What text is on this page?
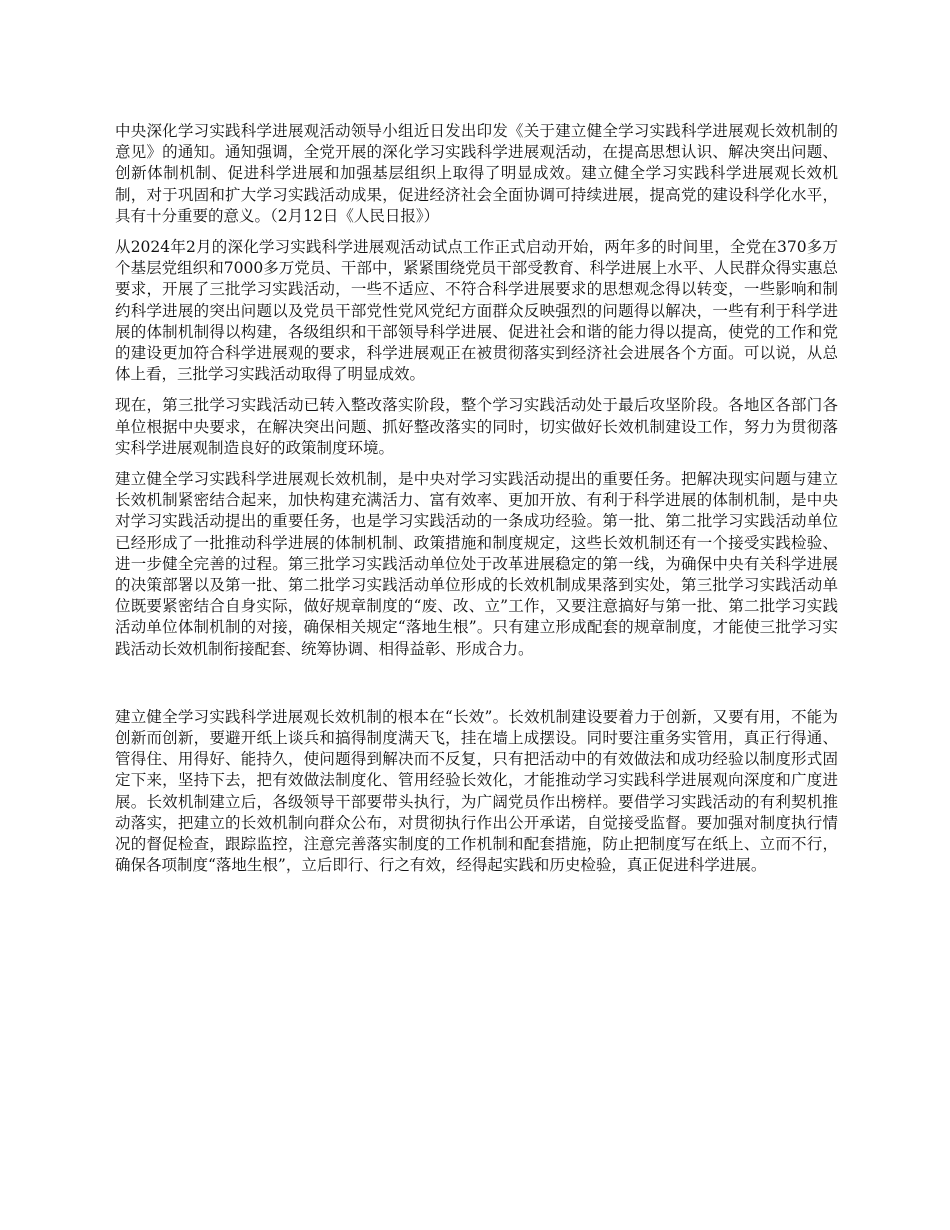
中央深化学习实践科学进展观活动领导小组近日发出印发《关于建立健全学习实践科学进展观长效机制的意见》的通知。通知强调，全党开展的深化学习实践科学进展观活动，在提高思想认识、解决突出问题、创新体制机制、促进科学进展和加强基层组织上取得了明显成效。建立健全学习实践科学进展观长效机制，对于巩固和扩大学习实践活动成果，促进经济社会全面协调可持续进展，提高党的建设科学化水平，具有十分重要的意义。（2月12日《人民日报》）

从2024年2月的深化学习实践科学进展观活动试点工作正式启动开始，两年多的时间里，全党在370多万个基层党组织和7000多万党员、干部中，紧紧围绕党员干部受教育、科学进展上水平、人民群众得实惠总要求，开展了三批学习实践活动，一些不适应、不符合科学进展要求的思想观念得以转变，一些影响和制约科学进展的突出问题以及党员干部党性党风党纪方面群众反映强烈的问题得以解决，一些有利于科学进展的体制机制得以构建，各级组织和干部领导科学进展、促进社会和谐的能力得以提高，使党的工作和党的建设更加符合科学进展观的要求，科学进展观正在被贯彻落实到经济社会进展各个方面。可以说，从总体上看，三批学习实践活动取得了明显成效。

现在，第三批学习实践活动已转入整改落实阶段，整个学习实践活动处于最后攻坚阶段。各地区各部门各单位根据中央要求，在解决突出问题、抓好整改落实的同时，切实做好长效机制建设工作，努力为贯彻落实科学进展观制造良好的政策制度环境。

建立健全学习实践科学进展观长效机制，是中央对学习实践活动提出的重要任务。把解决现实问题与建立长效机制紧密结合起来，加快构建充满活力、富有效率、更加开放、有利于科学进展的体制机制，是中央对学习实践活动提出的重要任务，也是学习实践活动的一条成功经验。第一批、第二批学习实践活动单位已经形成了一批推动科学进展的体制机制、政策措施和制度规定，这些长效机制还有一个接受实践检验、进一步健全完善的过程。第三批学习实践活动单位处于改革进展稳定的第一线，为确保中央有关科学进展的决策部署以及第一批、第二批学习实践活动单位形成的长效机制成果落到实处，第三批学习实践活动单位既要紧密结合自身实际，做好规章制度的“废、改、立”工作，又要注意搞好与第一批、第二批学习实践活动单位体制机制的对接，确保相关规定“落地生根”。只有建立形成配套的规章制度，才能使三批学习实践活动长效机制衔接配套、统筹协调、相得益彰、形成合力。

建立健全学习实践科学进展观长效机制的根本在“长效”。长效机制建设要着力于创新，又要有用，不能为创新而创新，要避开纸上谈兵和搞得制度满天飞，挂在墙上成摆设。同时要注重务实管用，真正行得通、管得住、用得好、能持久，使问题得到解决而不反复，只有把活动中的有效做法和成功经验以制度形式固定下来，坚持下去，把有效做法制度化、管用经验长效化，才能推动学习实践科学进展观向深度和广度进展。长效机制建立后，各级领导干部要带头执行，为广阔党员作出榜样。要借学习实践活动的有利契机推动落实，把建立的长效机制向群众公布，对贯彻执行作出公开承诺，自觉接受监督。要加强对制度执行情况的督促检查，跟踪监控，注意完善落实制度的工作机制和配套措施，防止把制度写在纸上、立而不行，确保各项制度“落地生根”，立后即行、行之有效，经得起实践和历史检验，真正促进科学进展。
